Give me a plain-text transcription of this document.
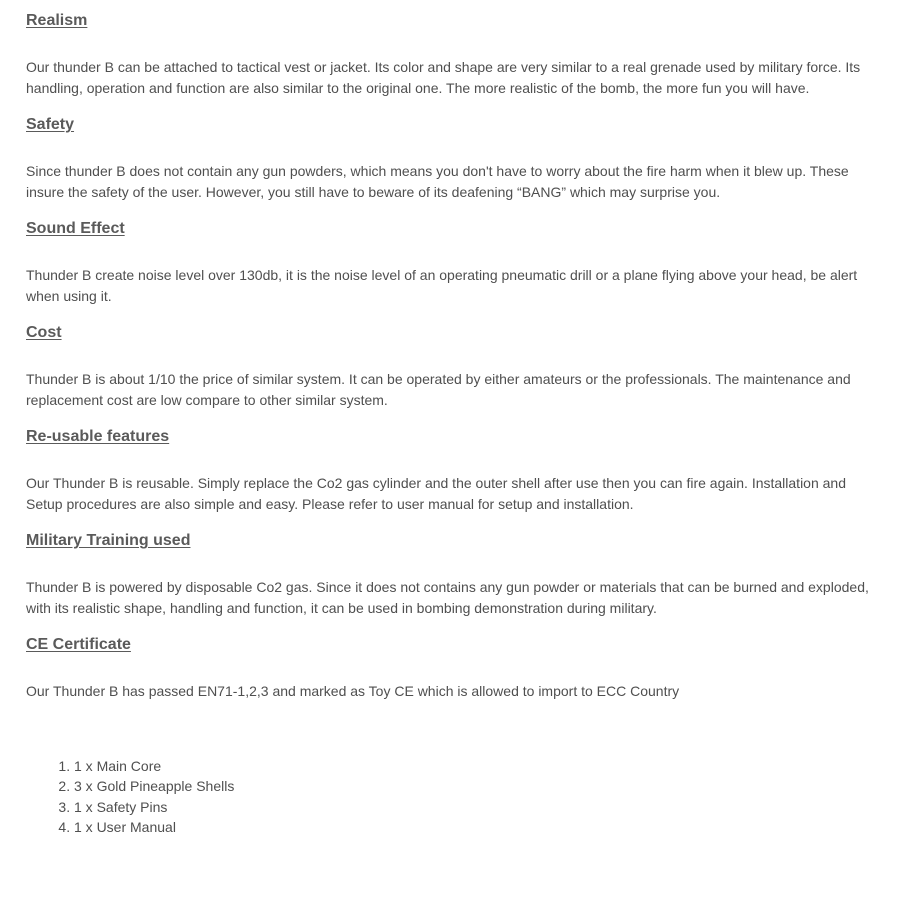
Realism

Our thunder B can be attached to tactical vest or jacket. Its color and shape are very similar to a real grenade used by military force. Its handling, operation and function are also similar to the original one. The more realistic of the bomb, the more fun you will have.

Safety

Since thunder B does not contain any gun powders, which means you don't have to worry about the fire harm when it blew up. These insure the safety of the user. However, you still have to beware of its deafening “BANG” which may surprise you.

Sound Effect

Thunder B create noise level over 130db, it is the noise level of an operating pneumatic drill or a plane flying above your head, be alert when using it.

Cost

Thunder B is about 1/10 the price of similar system. It can be operated by either amateurs or the professionals. The maintenance and replacement cost are low compare to other similar system.

Re-usable features

Our Thunder B is reusable. Simply replace the Co2 gas cylinder and the outer shell after use then you can fire again. Installation and Setup procedures are also simple and easy. Please refer to user manual for setup and installation.

Military Training used

Thunder B is powered by disposable Co2 gas. Since it does not contains any gun powder or materials that can be burned and exploded, with its realistic shape, handling and function, it can be used in bombing demonstration during military.

CE Certificate

Our Thunder B has passed EN71-1,2,3 and marked as Toy CE which is allowed to import to ECC Country

1. 1 x Main Core
2. 3 x Gold Pineapple Shells
3. 1 x Safety Pins
4. 1 x User Manual
